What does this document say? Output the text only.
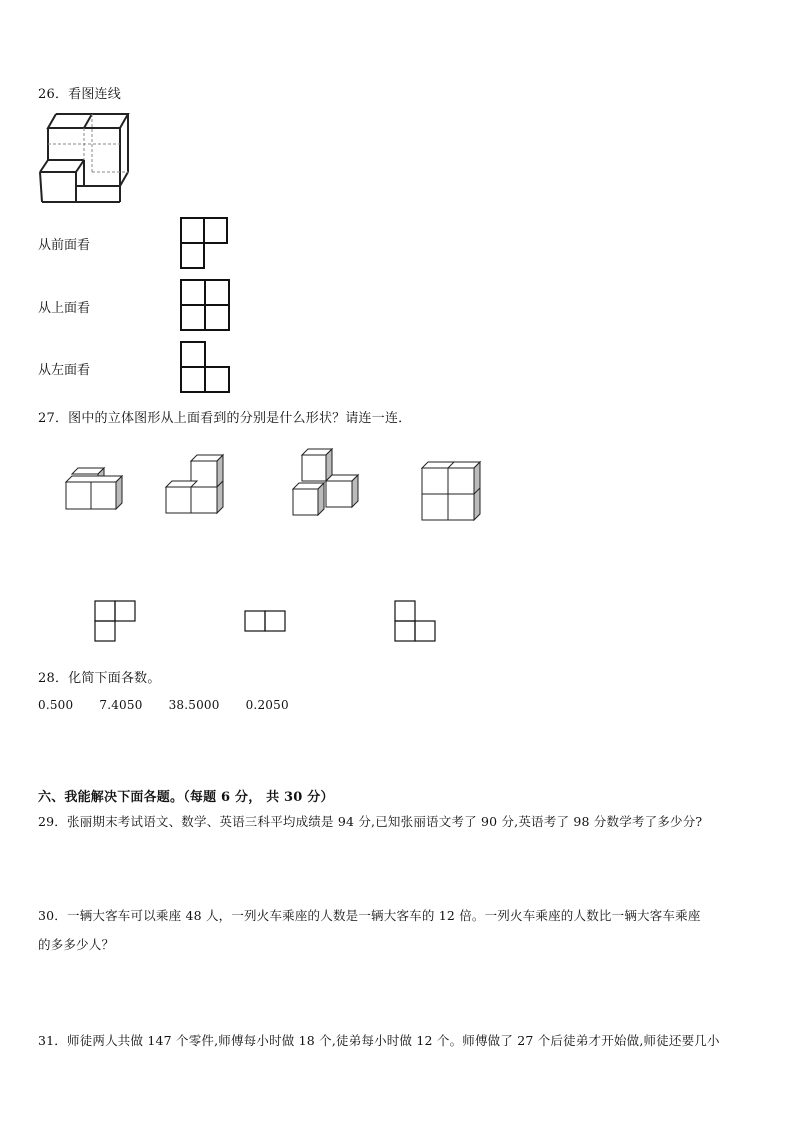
26．看图连线
从前面看
从上面看
从左面看
27．图中的立体图形从上面看到的分别是什么形状？请连一连．
28．化简下面各数。
0.500 7.4050 38.5000 0.2050
六、我能解决下面各题。（每题 6 分， 共 30 分）
29．张丽期末考试语文、数学、英语三科平均成绩是 94 分,已知张丽语文考了 90 分,英语考了 98 分数学考了多少分?
30．一辆大客车可以乘座 48 人，一列火车乘座的人数是一辆大客车的 12 倍。一列火车乘座的人数比一辆大客车乘座
的多多少人？
31．师徒两人共做 147 个零件,师傅每小时做 18 个,徒弟每小时做 12 个。师傅做了 27 个后徒弟才开始做,师徒还要几小
